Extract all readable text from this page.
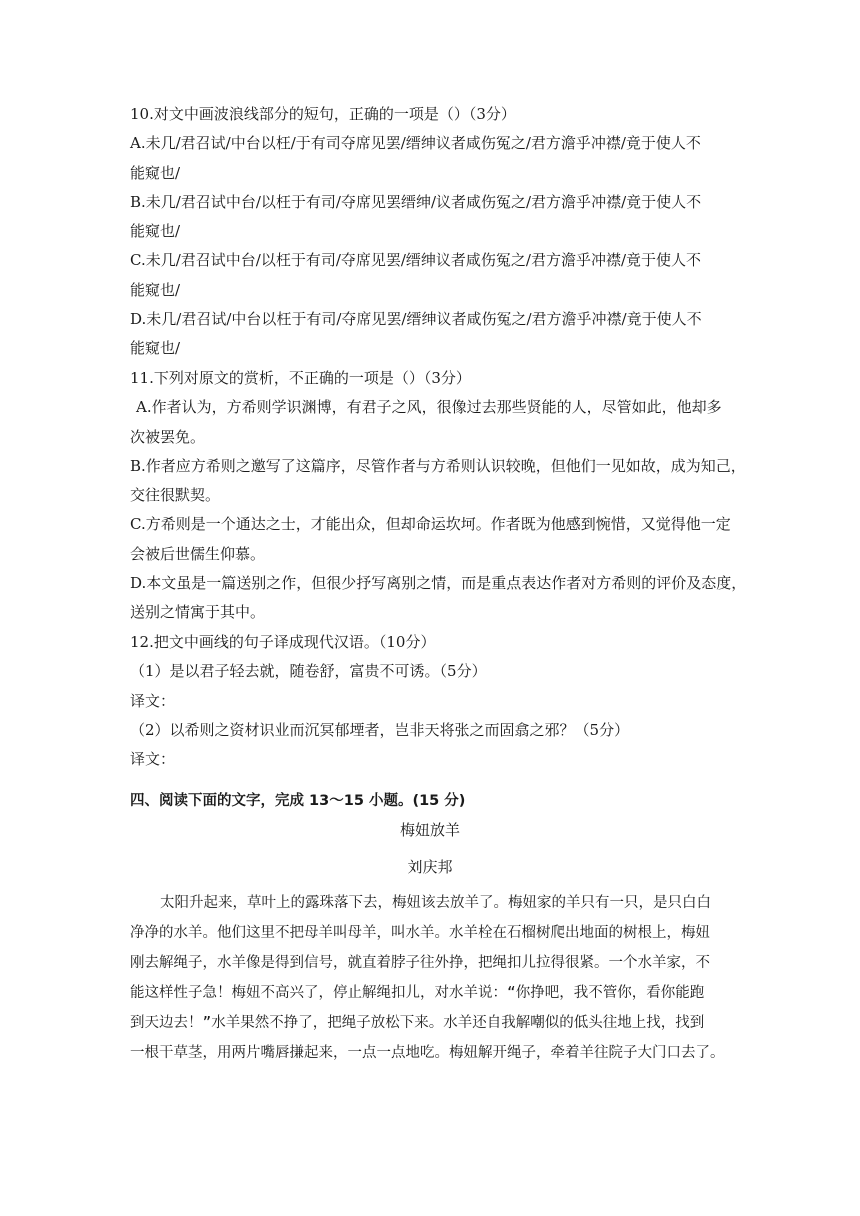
10.对文中画波浪线部分的短句，正确的一项是（）（3分）
A.未几/君召试/中台以枉/于有司夺席见罢/缙绅议者咸伤冤之/君方澹乎冲襟/竟于使人不
能窥也/
B.未几/君召试中台/以枉于有司/夺席见罢缙绅/议者咸伤冤之/君方澹乎冲襟/竟于使人不
能窥也/
C.未几/君召试中台/以枉于有司/夺席见罢/缙绅议者咸伤冤之/君方澹乎冲襟/竟于使人不
能窥也/
D.未几/君召试/中台以枉于有司/夺席见罢/缙绅议者咸伤冤之/君方澹乎冲襟/竟于使人不
能窥也/
11.下列对原文的赏析，不正确的一项是（）（3分）
A.作者认为，方希则学识渊博，有君子之风，很像过去那些贤能的人，尽管如此，他却多
次被罢免。
B.作者应方希则之邀写了这篇序，尽管作者与方希则认识较晚，但他们一见如故，成为知己，
交往很默契。
C.方希则是一个通达之士，才能出众，但却命运坎坷。作者既为他感到惋惜，又觉得他一定
会被后世儒生仰慕。
D.本文虽是一篇送别之作，但很少抒写离别之情，而是重点表达作者对方希则的评价及态度，
送别之情寓于其中。
12.把文中画线的句子译成现代汉语。（10分）
（1）是以君子轻去就，随卷舒，富贵不可诱。（5分）
译文：
（2）以希则之资材识业而沉冥郁堙者，岂非天将张之而固翕之邪？（5分）
译文：
四、阅读下面的文字，完成 13～15 小题。(15 分)
梅妞放羊
刘庆邦
太阳升起来，草叶上的露珠落下去，梅妞该去放羊了。梅妞家的羊只有一只，是只白白
净净的水羊。他们这里不把母羊叫母羊，叫水羊。水羊栓在石榴树爬出地面的树根上，梅妞
刚去解绳子，水羊像是得到信号，就直着脖子往外挣，把绳扣儿拉得很紧。一个水羊家，不
能这样性子急！梅妞不高兴了，停止解绳扣儿，对水羊说：“你挣吧，我不管你，看你能跑
到天边去！”水羊果然不挣了，把绳子放松下来。水羊还自我解嘲似的低头往地上找，找到
一根干草茎，用两片嘴唇搛起来，一点一点地吃。梅妞解开绳子，牵着羊往院子大门口去了。
